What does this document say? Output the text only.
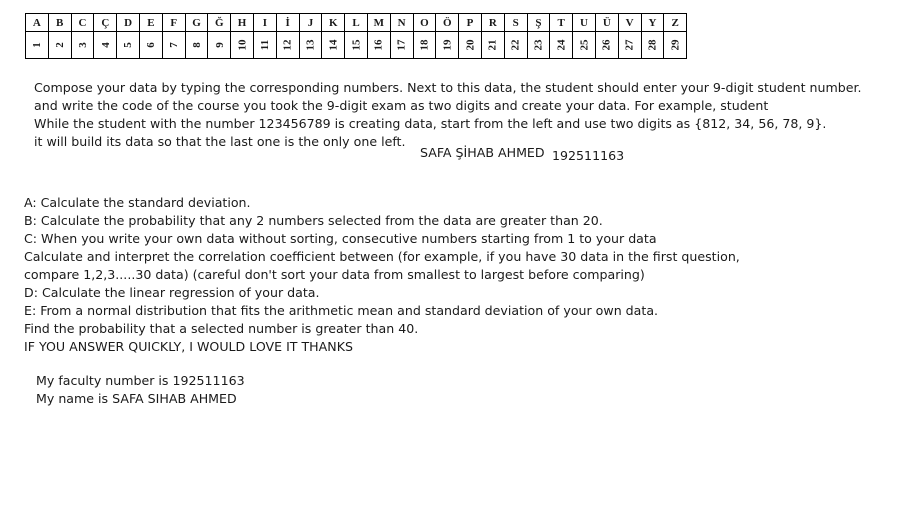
A	B	C	Ç	D	E	F	G	Ğ	H	I	İ	J	K	L	M	N	O	Ö	P	R	S	Ş	T	U	Ü	V	Y	Z
1	2	3	4	5	6	7	8	9	10	11	12	13	14	15	16	17	18	19	20	21	22	23	24	25	26	27	28	29
Compose your data by typing the corresponding numbers. Next to this data, the student should enter your 9-digit student number.
and write the code of the course you took the 9-digit exam as two digits and create your data. For example, student
While the student with the number 123456789 is creating data, start from the left and use two digits as {812, 34, 56, 78, 9}.
it will build its data so that the last one is the only one left.
SAFA ŞİHAB AHMED 192511163
A: Calculate the standard deviation.
B: Calculate the probability that any 2 numbers selected from the data are greater than 20.
C: When you write your own data without sorting, consecutive numbers starting from 1 to your data
Calculate and interpret the correlation coefficient between (for example, if you have 30 data in the first question,
compare 1,2,3.....30 data) (careful don't sort your data from smallest to largest before comparing)
D: Calculate the linear regression of your data.
E: From a normal distribution that fits the arithmetic mean and standard deviation of your own data.
Find the probability that a selected number is greater than 40.
IF YOU ANSWER QUICKLY, I WOULD LOVE IT THANKS
My faculty number is 192511163
My name is SAFA SIHAB AHMED
